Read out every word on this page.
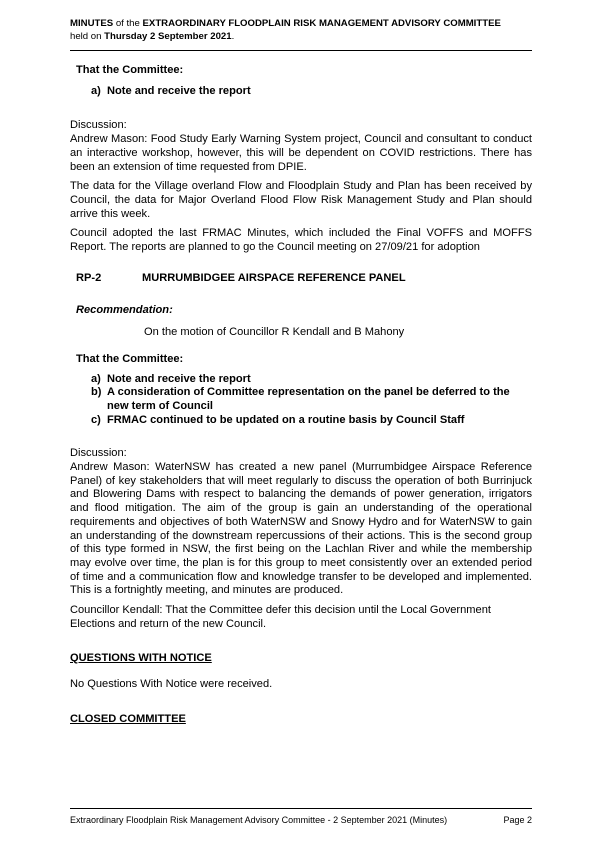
MINUTES of the EXTRAORDINARY FLOODPLAIN RISK MANAGEMENT ADVISORY COMMITTEE
held on Thursday 2 September 2021.

That the Committee:

a) Note and receive the report

Discussion:

Andrew Mason: Food Study Early Warning System project, Council and consultant to conduct an interactive workshop, however, this will be dependent on COVID restrictions. There has been an extension of time requested from DPIE.

The data for the Village overland Flow and Floodplain Study and Plan has been received by Council, the data for Major Overland Flood Flow Risk Management Study and Plan should arrive this week.

Council adopted the last FRMAC Minutes, which included the Final VOFFS and MOFFS Report. The reports are planned to go the Council meeting on 27/09/21 for adoption

RP-2	MURRUMBIDGEE AIRSPACE REFERENCE PANEL

Recommendation:

On the motion of Councillor R Kendall and B Mahony

That the Committee:

a) Note and receive the report
b) A consideration of Committee representation on the panel be deferred to the new term of Council
c) FRMAC continued to be updated on a routine basis by Council Staff

Discussion:

Andrew Mason: WaterNSW has created a new panel (Murrumbidgee Airspace Reference Panel) of key stakeholders that will meet regularly to discuss the operation of both Burrinjuck and Blowering Dams with respect to balancing the demands of power generation, irrigators and flood mitigation. The aim of the group is gain an understanding of the operational requirements and objectives of both WaterNSW and Snowy Hydro and for WaterNSW to gain an understanding of the downstream repercussions of their actions. This is the second group of this type formed in NSW, the first being on the Lachlan River and while the membership may evolve over time, the plan is for this group to meet consistently over an extended period of time and a communication flow and knowledge transfer to be developed and implemented. This is a fortnightly meeting, and minutes are produced.

Councillor Kendall: That the Committee defer this decision until the Local Government Elections and return of the new Council.

QUESTIONS WITH NOTICE

No Questions With Notice were received.

CLOSED COMMITTEE

Extraordinary Floodplain Risk Management Advisory Committee - 2 September 2021 (Minutes)	Page 2
